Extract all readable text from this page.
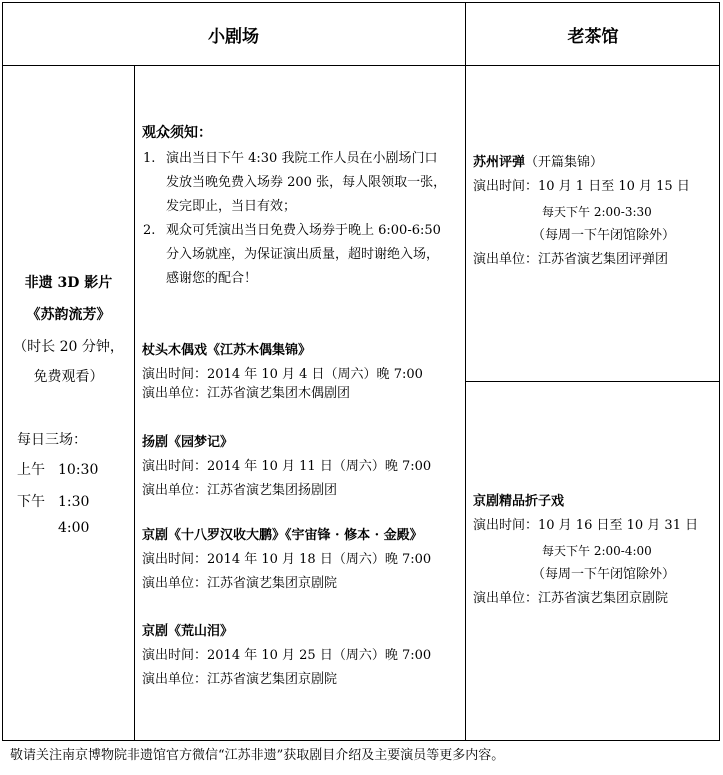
小剧场	老茶馆
非遗 3D 影片
《苏韵流芳》
（时长 20 分钟，
免费观看）
每日三场：
上午 10:30
下午 1:30
4:00
观众须知：
1. 演出当日下午 4:30 我院工作人员在小剧场门口
发放当晚免费入场券 200 张，每人限领取一张，
发完即止，当日有效；
2. 观众可凭演出当日免费入场券于晚上 6:00-6:50
分入场就座，为保证演出质量，超时谢绝入场，
感谢您的配合！
杖头木偶戏《江苏木偶集锦》
演出时间：2014 年 10 月 4 日（周六）晚 7:00
演出单位：江苏省演艺集团木偶剧团
扬剧《园梦记》
演出时间：2014 年 10 月 11 日（周六）晚 7:00
演出单位：江苏省演艺集团扬剧团
京剧《十八罗汉收大鹏》《宇宙锋 · 修本 · 金殿》
演出时间：2014 年 10 月 18 日（周六）晚 7:00
演出单位：江苏省演艺集团京剧院
京剧《荒山泪》
演出时间：2014 年 10 月 25 日（周六）晚 7:00
演出单位：江苏省演艺集团京剧院
苏州评弹（开篇集锦）
演出时间：10 月 1 日至 10 月 15 日
每天下午 2:00-3:30
（每周一下午闭馆除外）
演出单位：江苏省演艺集团评弹团
京剧精品折子戏
演出时间：10 月 16 日至 10 月 31 日
每天下午 2:00-4:00
（每周一下午闭馆除外）
演出单位：江苏省演艺集团京剧院
敬请关注南京博物院非遗馆官方微信“江苏非遗”获取剧目介绍及主要演员等更多内容。
